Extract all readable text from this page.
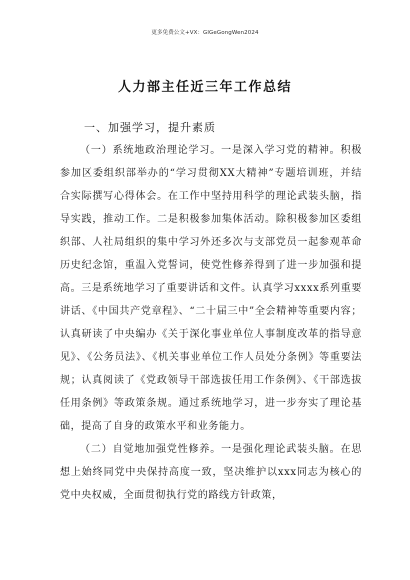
更多免费公文+VX：GlGeGongWen2024
人力部主任近三年工作总结

一、加强学习，提升素质

（一）系统地政治理论学习。一是深入学习党的精神。积极参加区委组织部举办的“学习贯彻XX大精神”专题培训班，并结合实际撰写心得体会。在工作中坚持用科学的理论武装头脑，指导实践，推动工作。二是积极参加集体活动。除积极参加区委组织部、人社局组织的集中学习外还多次与支部党员一起参观革命历史纪念馆，重温入党誓词，使党性修养得到了进一步加强和提高。三是系统地学习了重要讲话和文件。认真学习xxxx系列重要讲话、《中国共产党章程》、“二十届三中”全会精神等重要内容；认真研读了中央编办《关于深化事业单位人事制度改革的指导意见》、《公务员法》、《机关事业单位工作人员处分条例》等重要法规；认真阅读了《党政领导干部选拔任用工作条例》、《干部选拔任用条例》等政策条规。通过系统地学习，进一步夯实了理论基础，提高了自身的政策水平和业务能力。

（二）自觉地加强党性修养。一是强化理论武装头脑。在思想上始终同党中央保持高度一致，坚决维护以xxx同志为核心的党中央权威，全面贯彻执行党的路线方针政策，
